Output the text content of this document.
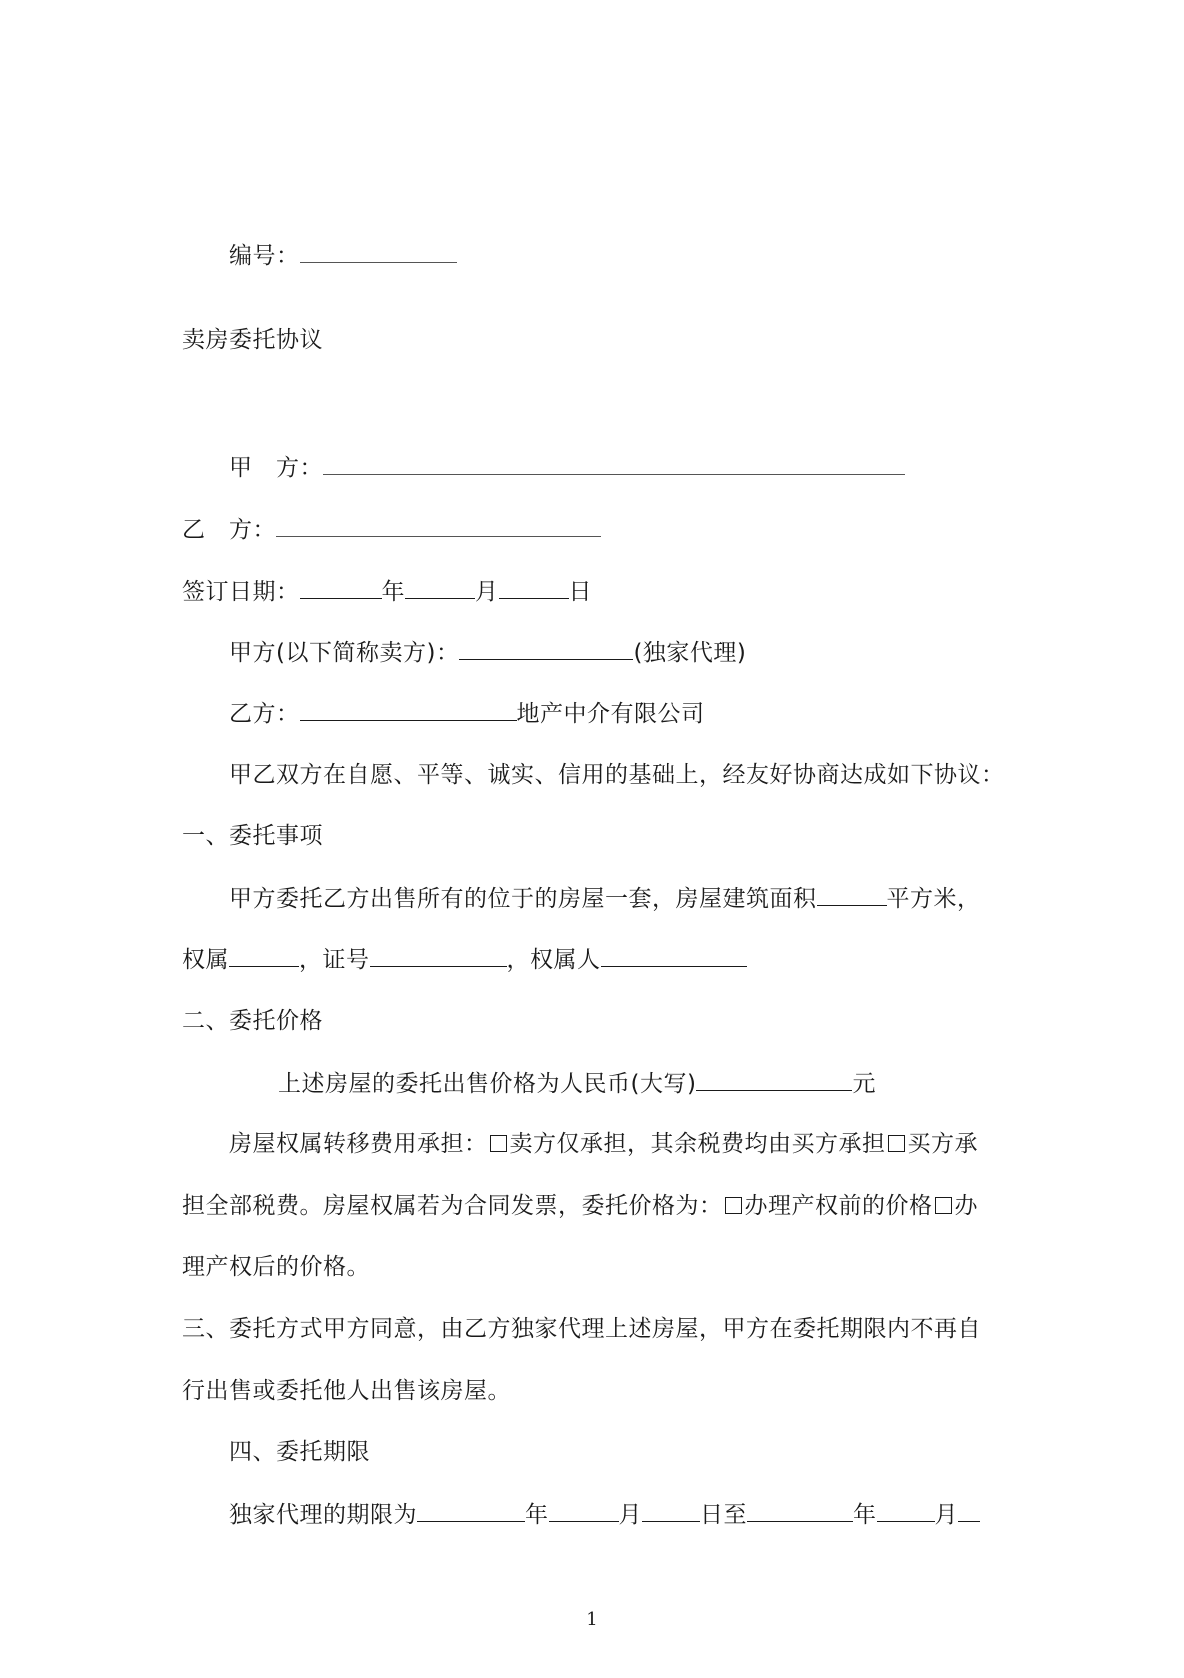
编号：
卖房委托协议
甲　方：
乙　方：
签订日期：	年	月	日
甲方(以下简称卖方)：	(独家代理)
乙方：	地产中介有限公司
甲乙双方在自愿、平等、诚实、信用的基础上，经友好协商达成如下协议：
一、委托事项
甲方委托乙方出售所有的位于的房屋一套，房屋建筑面积	平方米，
权属	，证号	，权属人
二、委托价格
上述房屋的委托出售价格为人民币(大写)	元
房屋权属转移费用承担： 卖方仅承担，其余税费均由买方承担 买方承
担全部税费。房屋权属若为合同发票，委托价格为： 办理产权前的价格 办
理产权后的价格。
三、委托方式甲方同意，由乙方独家代理上述房屋，甲方在委托期限内不再自
行出售或委托他人出售该房屋。
四、委托期限
独家代理的期限为	年	月	日至	年	月
1
